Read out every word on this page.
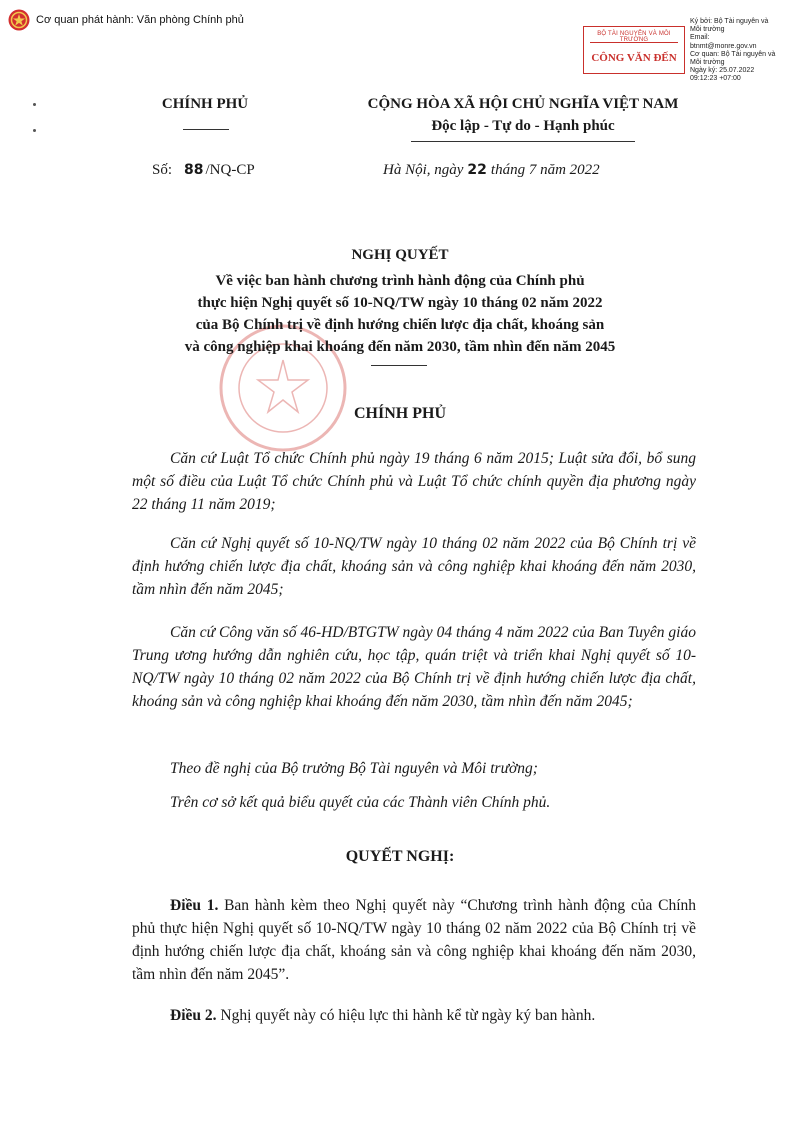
Cơ quan phát hành: Văn phòng Chính phủ
BỘ TÀI NGUYÊN VÀ MÔI TRƯỜNG
CÔNG VĂN ĐẾN
Ký bởi: Bộ Tài nguyên và
Môi trường
Email:
btnmt@monre.gov.vn
Cơ quan: Bộ Tài nguyên và
Môi trường
Ngày ký: 25.07.2022
09:12:23 +07:00
CHÍNH PHỦ	CỘNG HÒA XÃ HỘI CHỦ NGHĨA VIỆT NAM
Độc lập - Tự do - Hạnh phúc
Số: 88 /NQ-CP	Hà Nội, ngày 22 tháng 7 năm 2022
NGHỊ QUYẾT
Về việc ban hành chương trình hành động của Chính phủ
thực hiện Nghị quyết số 10-NQ/TW ngày 10 tháng 02 năm 2022
của Bộ Chính trị về định hướng chiến lược địa chất, khoáng sản
và công nghiệp khai khoáng đến năm 2030, tầm nhìn đến năm 2045
CHÍNH PHỦ
Căn cứ Luật Tổ chức Chính phủ ngày 19 tháng 6 năm 2015; Luật sửa đổi, bổ sung một số điều của Luật Tổ chức Chính phủ và Luật Tổ chức chính quyền địa phương ngày 22 tháng 11 năm 2019;
Căn cứ Nghị quyết số 10-NQ/TW ngày 10 tháng 02 năm 2022 của Bộ Chính trị về định hướng chiến lược địa chất, khoáng sản và công nghiệp khai khoáng đến năm 2030, tầm nhìn đến năm 2045;
Căn cứ Công văn số 46-HD/BTGTW ngày 04 tháng 4 năm 2022 của Ban Tuyên giáo Trung ương hướng dẫn nghiên cứu, học tập, quán triệt và triển khai Nghị quyết số 10-NQ/TW ngày 10 tháng 02 năm 2022 của Bộ Chính trị về định hướng chiến lược địa chất, khoáng sản và công nghiệp khai khoáng đến năm 2030, tầm nhìn đến năm 2045;
Theo đề nghị của Bộ trưởng Bộ Tài nguyên và Môi trường;
Trên cơ sở kết quả biểu quyết của các Thành viên Chính phủ.
QUYẾT NGHỊ:
Điều 1. Ban hành kèm theo Nghị quyết này “Chương trình hành động của Chính phủ thực hiện Nghị quyết số 10-NQ/TW ngày 10 tháng 02 năm 2022 của Bộ Chính trị về định hướng chiến lược địa chất, khoáng sản và công nghiệp khai khoáng đến năm 2030, tầm nhìn đến năm 2045”.
Điều 2. Nghị quyết này có hiệu lực thi hành kể từ ngày ký ban hành.
